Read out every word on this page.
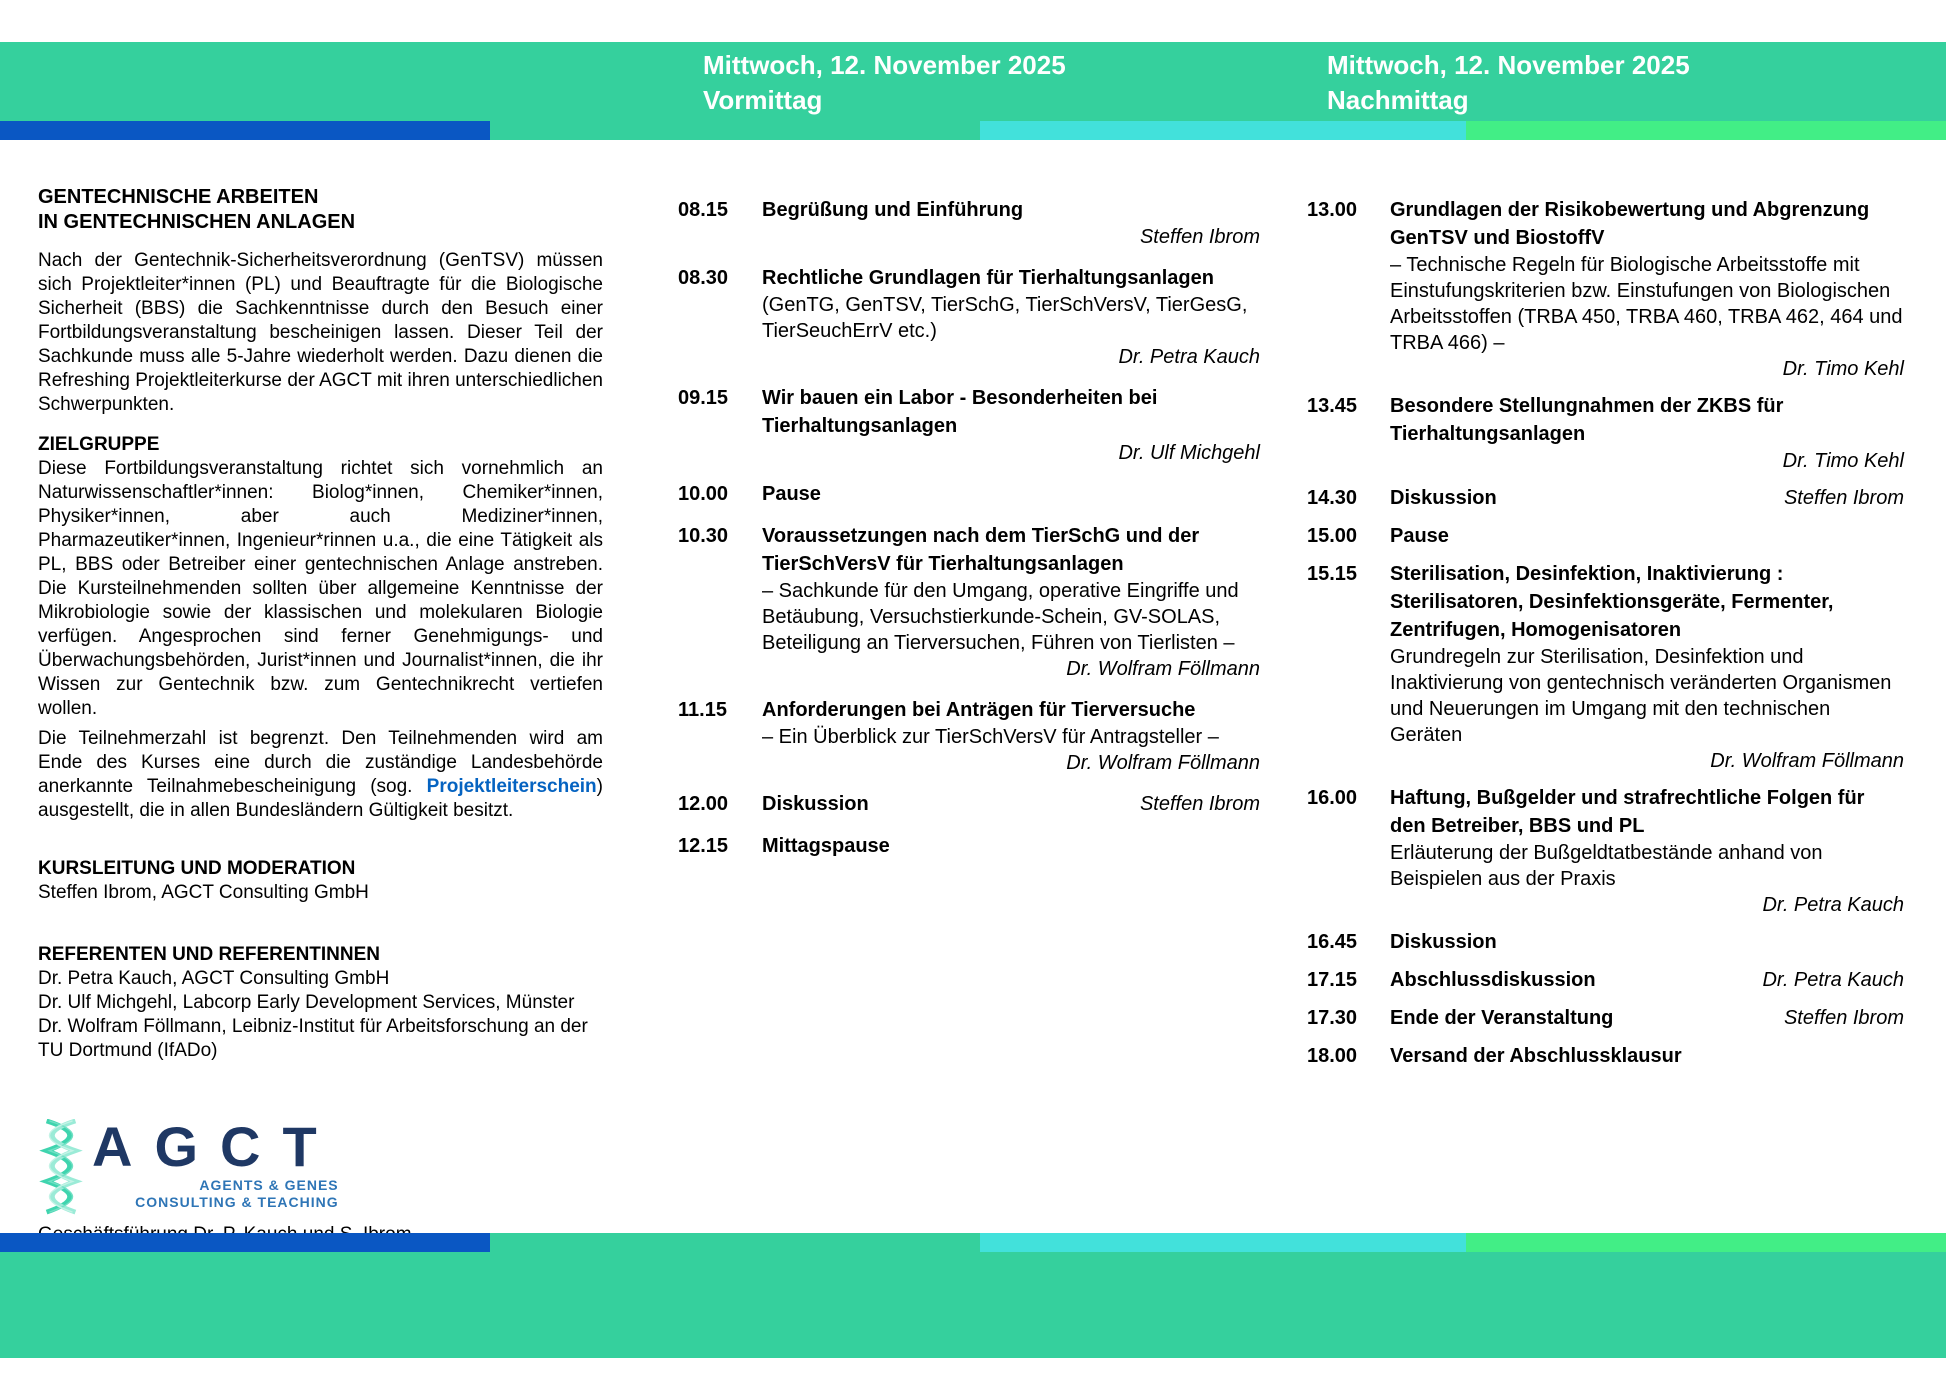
Mittwoch, 12. November 2025
Vormittag
Mittwoch, 12. November 2025
Nachmittag
GENTECHNISCHE ARBEITEN
IN GENTECHNISCHEN ANLAGEN

Nach der Gentechnik-Sicherheitsverordnung (GenTSV) müssen sich Projektleiter*innen (PL) und Beauftragte für die Biologische Sicherheit (BBS) die Sachkenntnisse durch den Besuch einer Fortbildungsveranstaltung bescheinigen lassen. Dieser Teil der Sachkunde muss alle 5-Jahre wiederholt werden. Dazu dienen die Refreshing Projektleiterkurse der AGCT mit ihren unterschiedlichen Schwerpunkten.

ZIELGRUPPE

Diese Fortbildungsveranstaltung richtet sich vornehmlich an Naturwissenschaftler*innen: Biolog*innen, Chemiker*innen, Physiker*innen, aber auch Mediziner*innen, Pharmazeutiker*innen, Ingenieur*rinnen u.a., die eine Tätigkeit als PL, BBS oder Betreiber einer gentechnischen Anlage anstreben. Die Kursteilnehmenden sollten über allgemeine Kenntnisse der Mikrobiologie sowie der klassischen und molekularen Biologie verfügen. Angesprochen sind ferner Genehmigungs- und Überwachungsbehörden, Jurist*innen und Journalist*innen, die ihr Wissen zur Gentechnik bzw. zum Gentechnikrecht vertiefen wollen.

Die Teilnehmerzahl ist begrenzt. Den Teilnehmenden wird am Ende des Kurses eine durch die zuständige Landesbehörde anerkannte Teilnahmebescheinigung (sog. Projektleiterschein) ausgestellt, die in allen Bundesländern Gültigkeit besitzt.

KURSLEITUNG UND MODERATION
Steffen Ibrom, AGCT Consulting GmbH
REFERENTEN UND REFERENTINNEN
Dr. Petra Kauch, AGCT Consulting GmbH
Dr. Ulf Michgehl, Labcorp Early Development Services, Münster
Dr. Wolfram Föllmann, Leibniz-Institut für Arbeitsforschung an der TU Dortmund (IfADo)
AGCT
AGENTS & GENES
CONSULTING & TEACHING
08.15	Begrüßung und Einführung
Steffen Ibrom
08.30	Rechtliche Grundlagen für Tierhaltungsanlagen
(GenTG, GenTSV, TierSchG, TierSchVersV, TierGesG, TierSeuchErrV etc.)
Dr. Petra Kauch
09.15	Wir bauen ein Labor - Besonderheiten bei Tierhaltungsanlagen
Dr. Ulf Michgehl
10.00	Pause
10.30	Voraussetzungen nach dem TierSchG und der TierSchVersV für Tierhaltungsanlagen
– Sachkunde für den Umgang, operative Eingriffe und Betäubung, Versuchstierkunde-Schein, GV-SOLAS, Beteiligung an Tierversuchen, Führen von Tierlisten –
Dr. Wolfram Föllmann
11.15	Anforderungen bei Anträgen für Tierversuche
– Ein Überblick zur TierSchVersV für Antragsteller –
Dr. Wolfram Föllmann
12.00	Diskussion	Steffen Ibrom
12.15	Mittagspause
13.00	Grundlagen der Risikobewertung und Abgrenzung GenTSV und BiostoffV
– Technische Regeln für Biologische Arbeitsstoffe mit Einstufungskriterien bzw. Einstufungen von Biologischen Arbeitsstoffen (TRBA 450, TRBA 460, TRBA 462, 464 und TRBA 466) –
Dr. Timo Kehl
13.45	Besondere Stellungnahmen der ZKBS für Tierhaltungsanlagen
Dr. Timo Kehl
14.30	Diskussion	Steffen Ibrom
15.00	Pause
15.15	Sterilisation, Desinfektion, Inaktivierung : Sterilisatoren, Desinfektionsgeräte, Fermenter, Zentrifugen, Homogenisatoren
Grundregeln zur Sterilisation, Desinfektion und Inaktivierung von gentechnisch veränderten Organismen und Neuerungen im Umgang mit den technischen Geräten
Dr. Wolfram Föllmann
16.00	Haftung, Bußgelder und strafrechtliche Folgen für den Betreiber, BBS und PL
Erläuterung der Bußgeldtatbestände anhand von Beispielen aus der Praxis
Dr. Petra Kauch
16.45	Diskussion
17.15	Abschlussdiskussion	Dr. Petra Kauch
17.30	Ende der Veranstaltung	Steffen Ibrom
18.00	Versand der Abschlussklausur
